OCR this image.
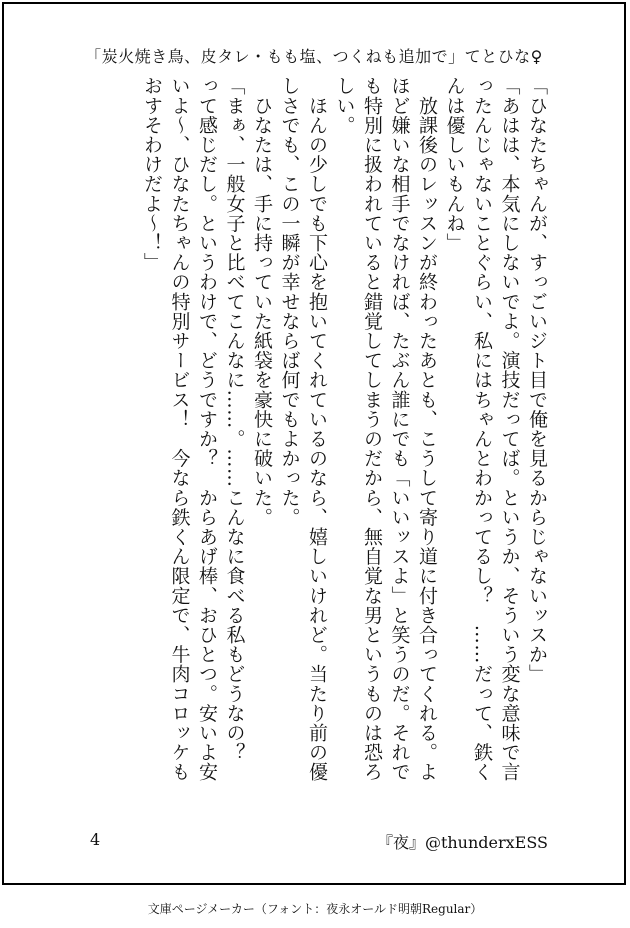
「炭火焼き鳥、皮タレ・もも塩、つくねも追加で」てとひな♀

「ひなたちゃんが、すっごいジト目で俺を見るからじゃないッスか」

「あはは、本気にしないでよ。演技だってば。というか、そういう変な意味で言ったんじゃないことぐらい、私にはちゃんとわかってるし？　……だって、鉄くんは優しいもんね」

　放課後のレッスンが終わったあとも、こうして寄り道に付き合ってくれる。よほど嫌いな相手でなければ、たぶん誰にでも「いいッスよ」と笑うのだ。それでも特別に扱われていると錯覚してしまうのだから、無自覚な男というものは恐ろしい。

　ほんの少しでも下心を抱いてくれているのなら、嬉しいけれど。当たり前の優しさでも、この一瞬が幸せならば何でもよかった。

　ひなたは、手に持っていた紙袋を豪快に破いた。

「まぁ、一般女子と比べてこんなに……。……こんなに食べる私もどうなの？　って感じだし。というわけで、どうですか？　からあげ棒、おひとつ。安いよ安いよ～、ひなたちゃんの特別サービス！　今なら鉄くん限定で、牛肉コロッケもおすそわけだよ～！」

4	『夜』@thunderxESS
文庫ページメーカー（フォント：夜永オールド明朝Regular）
